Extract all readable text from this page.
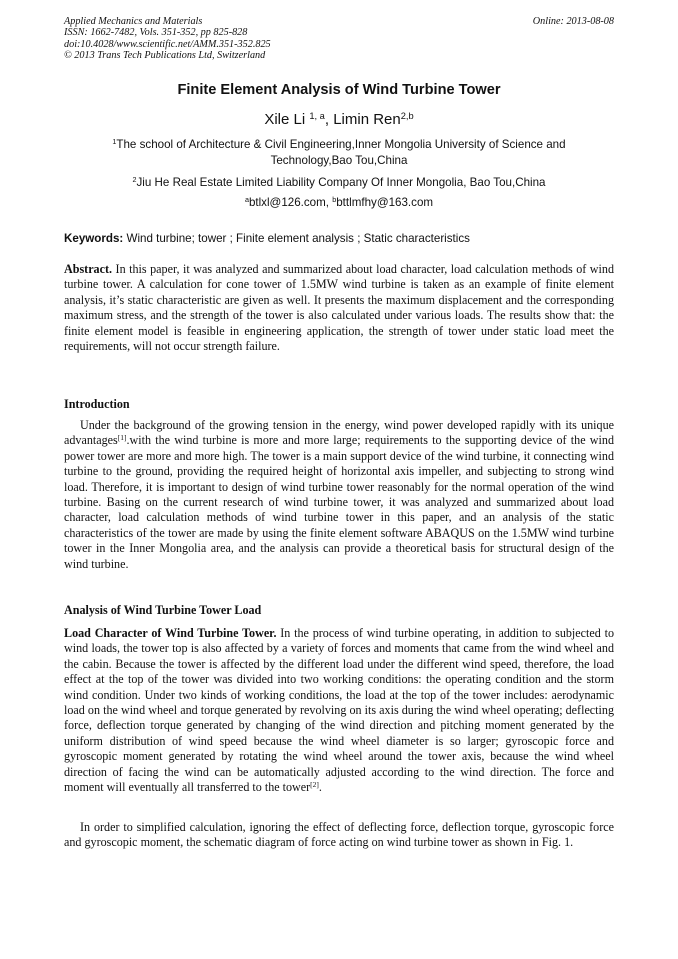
Applied Mechanics and Materials
ISSN: 1662-7482, Vols. 351-352, pp 825-828
doi:10.4028/www.scientific.net/AMM.351-352.825
© 2013 Trans Tech Publications Ltd, Switzerland
Online: 2013-08-08
Finite Element Analysis of Wind Turbine Tower
Xile Li $^{1, a}$, Limin Ren$^{2,b}$
$^1$The school of Architecture & Civil Engineering,Inner Mongolia University of Science and Technology,Bao Tou,China
$^2$Jiu He Real Estate Limited Liability Company Of Inner Mongolia, Bao Tou,China
$^a$btlxl@126.com, $^b$bttlmfhy@163.com
Keywords: Wind turbine; tower ; Finite element analysis ; Static characteristics
Abstract. In this paper, it was analyzed and summarized about load character, load calculation methods of wind turbine tower. A calculation for cone tower of 1.5MW wind turbine is taken as an example of finite element analysis, it’s static characteristic are given as well. It presents the maximum displacement and the corresponding maximum stress, and the strength of the tower is also calculated under various loads. The results show that: the finite element model is feasible in engineering application, the strength of tower under static load meet the requirements, will not occur strength failure.
Introduction
Under the background of the growing tension in the energy, wind power developed rapidly with its unique advantages[1].with the wind turbine is more and more large; requirements to the supporting device of the wind power tower are more and more high. The tower is a main support device of the wind turbine, it connecting wind turbine to the ground, providing the required height of horizontal axis impeller, and subjecting to strong wind load. Therefore, it is important to design of wind turbine tower reasonably for the normal operation of the wind turbine. Basing on the current research of wind turbine tower, it was analyzed and summarized about load character, load calculation methods of wind turbine tower in this paper, and an analysis of the static characteristics of the tower are made by using the finite element software ABAQUS on the 1.5MW wind turbine tower in the Inner Mongolia area, and the analysis can provide a theoretical basis for structural design of the wind turbine.
Analysis of Wind Turbine Tower Load
Load Character of Wind Turbine Tower. In the process of wind turbine operating, in addition to subjected to wind loads, the tower top is also affected by a variety of forces and moments that came from the wind wheel and the cabin. Because the tower is affected by the different load under the different wind speed, therefore, the load effect at the top of the tower was divided into two working conditions: the operating condition and the storm wind condition. Under two kinds of working conditions, the load at the top of the tower includes: aerodynamic load on the wind wheel and torque generated by revolving on its axis during the wind wheel operating; deflecting force, deflection torque generated by changing of the wind direction and pitching moment generated by the uniform distribution of wind speed because the wind wheel diameter is so larger; gyroscopic force and gyroscopic moment generated by rotating the wind wheel around the tower axis, because the wind wheel direction of facing the wind can be automatically adjusted according to the wind direction. The force and moment will eventually all transferred to the tower[2].
In order to simplified calculation, ignoring the effect of deflecting force, deflection torque, gyroscopic force and gyroscopic moment, the schematic diagram of force acting on wind turbine tower as shown in Fig. 1.
